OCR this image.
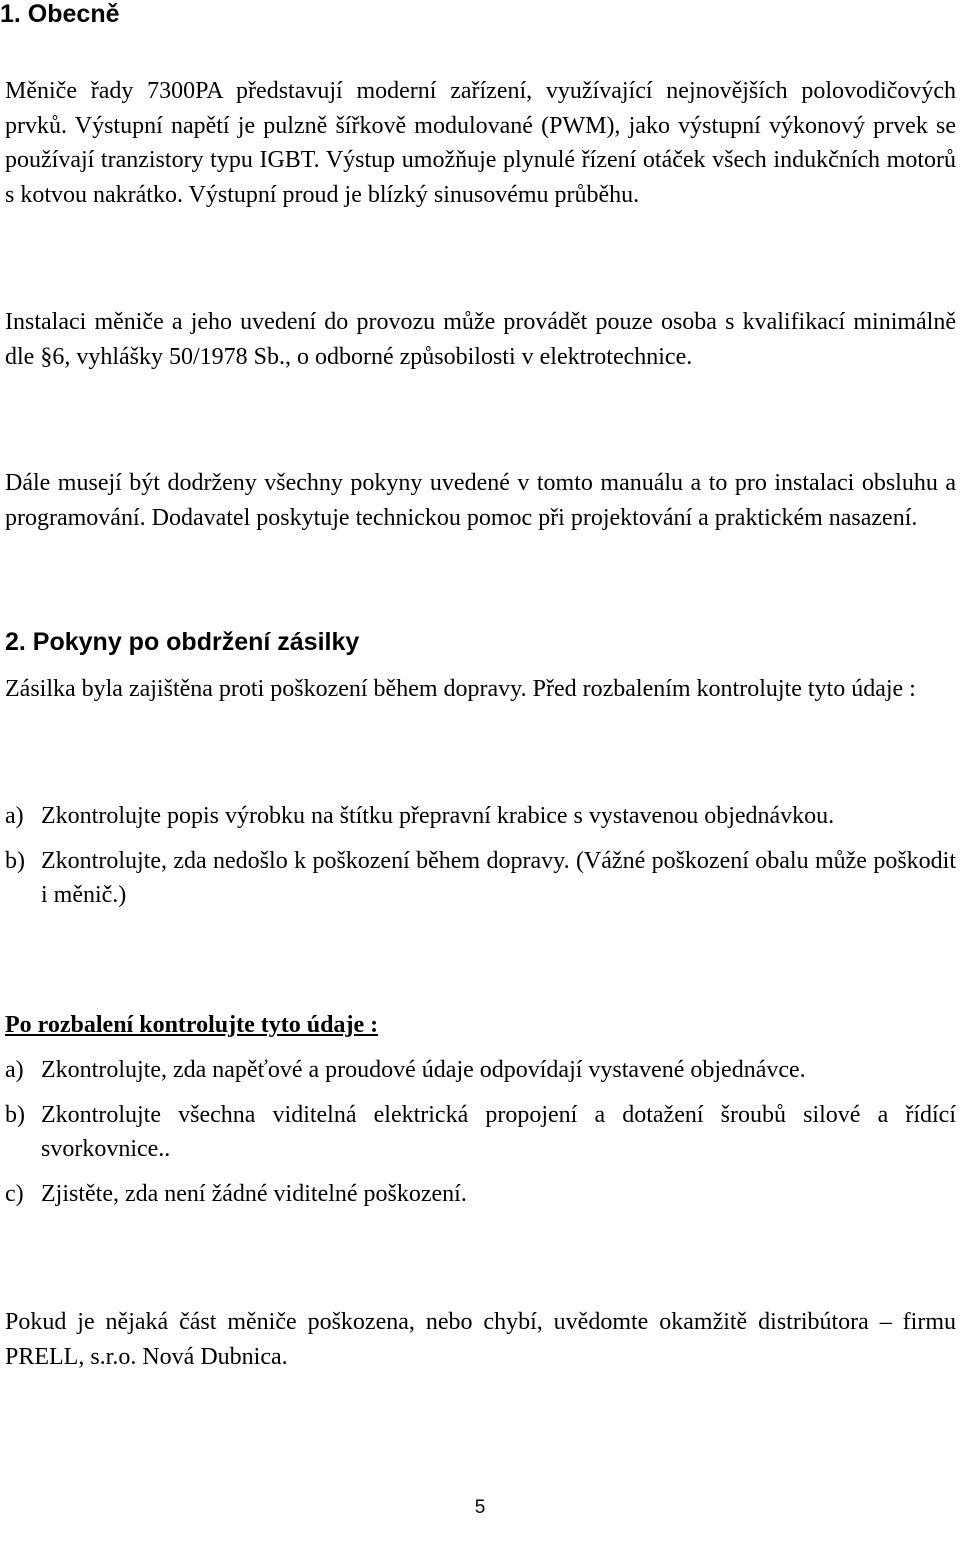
1. Obecně

Měniče řady 7300PA představují moderní zařízení, využívající nejnovějších polovodičových prvků. Výstupní napětí je pulzně šířkově modulované (PWM), jako výstupní výkonový prvek se používají tranzistory typu IGBT. Výstup umožňuje plynulé řízení otáček všech indukčních motorů s kotvou nakrátko. Výstupní proud je blízký sinusovému průběhu.

Instalaci měniče a jeho uvedení do provozu může provádět pouze osoba s kvalifikací minimálně dle §6, vyhlášky 50/1978 Sb., o odborné způsobilosti v elektrotechnice.

Dále musejí být dodrženy všechny pokyny uvedené v tomto manuálu a to pro instalaci obsluhu a programování. Dodavatel poskytuje technickou pomoc při projektování a praktickém nasazení.

2. Pokyny po obdržení zásilky

Zásilka byla zajištěna proti poškození během dopravy. Před rozbalením kontrolujte tyto údaje :

a) Zkontrolujte popis výrobku na štítku přepravní krabice s vystavenou objednávkou.
b) Zkontrolujte, zda nedošlo k poškození během dopravy. (Vážné poškození obalu může poškodit i měnič.)

Po rozbalení kontrolujte tyto údaje :

a) Zkontrolujte, zda napěťové a proudové údaje odpovídají vystavené objednávce.
b) Zkontrolujte všechna viditelná elektrická propojení a dotažení šroubů silové a řídící svorkovnice..
c) Zjistěte, zda není žádné viditelné poškození.

Pokud je nějaká část měniče poškozena, nebo chybí, uvědomte okamžitě distribútora – firmu PRELL, s.r.o. Nová Dubnica.

5
